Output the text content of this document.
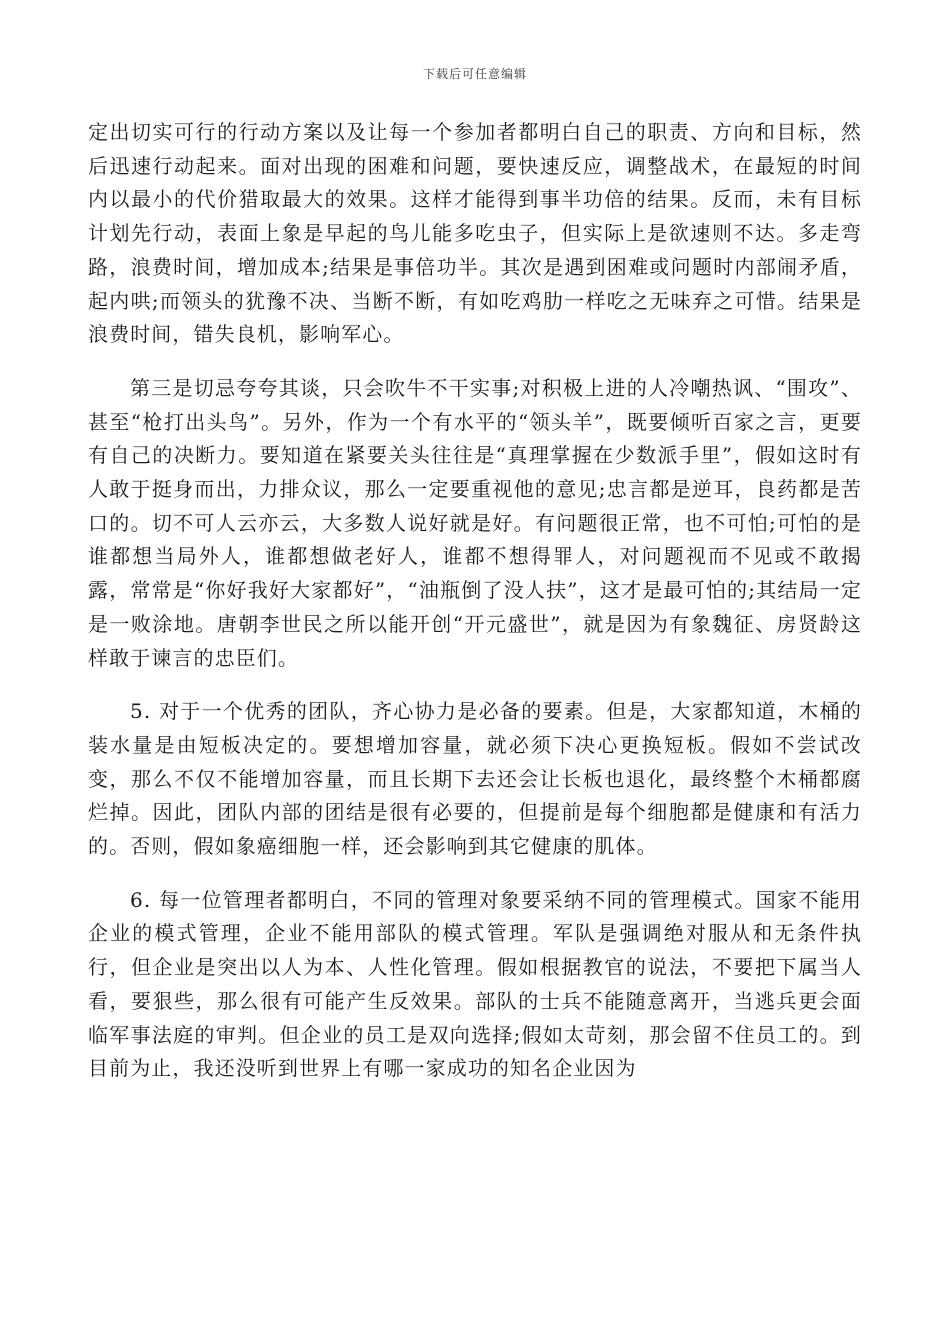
下载后可任意编辑

定出切实可行的行动方案以及让每一个参加者都明白自己的职责、方向和目标，然后迅速行动起来。面对出现的困难和问题，要快速反应，调整战术，在最短的时间内以最小的代价猎取最大的效果。这样才能得到事半功倍的结果。反而，未有目标计划先行动，表面上象是早起的鸟儿能多吃虫子，但实际上是欲速则不达。多走弯路，浪费时间，增加成本;结果是事倍功半。其次是遇到困难或问题时内部闹矛盾，起内哄;而领头的犹豫不决、当断不断，有如吃鸡肋一样吃之无味弃之可惜。结果是浪费时间，错失良机，影响军心。

第三是切忌夸夸其谈，只会吹牛不干实事;对积极上进的人冷嘲热讽、“围攻”、甚至“枪打出头鸟”。另外，作为一个有水平的“领头羊”，既要倾听百家之言，更要有自己的决断力。要知道在紧要关头往往是“真理掌握在少数派手里”，假如这时有人敢于挺身而出，力排众议，那么一定要重视他的意见;忠言都是逆耳，良药都是苦口的。切不可人云亦云，大多数人说好就是好。有问题很正常，也不可怕;可怕的是谁都想当局外人，谁都想做老好人，谁都不想得罪人，对问题视而不见或不敢揭露，常常是“你好我好大家都好”，“油瓶倒了没人扶”，这才是最可怕的;其结局一定是一败涂地。唐朝李世民之所以能开创“开元盛世”，就是因为有象魏征、房贤龄这样敢于谏言的忠臣们。

5. 对于一个优秀的团队，齐心协力是必备的要素。但是，大家都知道，木桶的装水量是由短板决定的。要想增加容量，就必须下决心更换短板。假如不尝试改变，那么不仅不能增加容量，而且长期下去还会让长板也退化，最终整个木桶都腐烂掉。因此，团队内部的团结是很有必要的，但提前是每个细胞都是健康和有活力的。否则，假如象癌细胞一样，还会影响到其它健康的肌体。

6. 每一位管理者都明白，不同的管理对象要采纳不同的管理模式。国家不能用企业的模式管理，企业不能用部队的模式管理。军队是强调绝对服从和无条件执行，但企业是突出以人为本、人性化管理。假如根据教官的说法，不要把下属当人看，要狠些，那么很有可能产生反效果。部队的士兵不能随意离开，当逃兵更会面临军事法庭的审判。但企业的员工是双向选择;假如太苛刻，那会留不住员工的。到目前为止，我还没听到世界上有哪一家成功的知名企业因为
